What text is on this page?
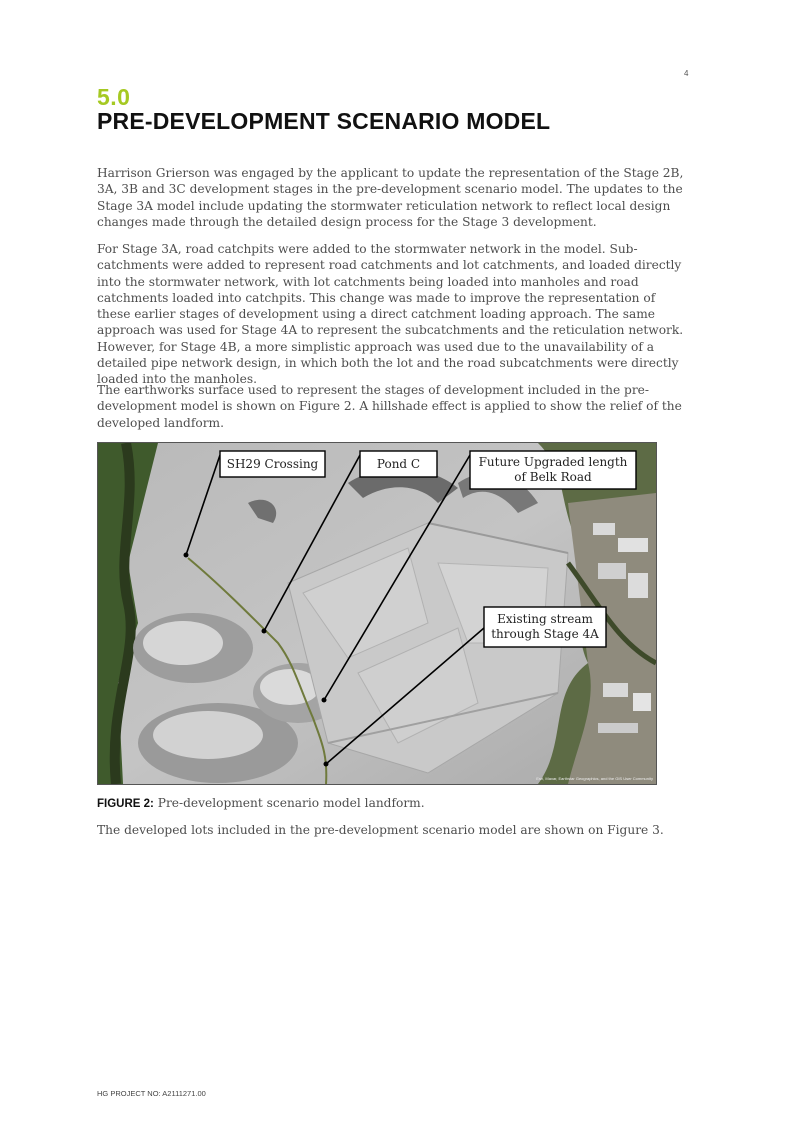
4
5.0
PRE-DEVELOPMENT SCENARIO MODEL

Harrison Grierson was engaged by the applicant to update the representation of the Stage 2B, 3A, 3B and 3C development stages in the pre-development scenario model. The updates to the Stage 3A model include updating the stormwater reticulation network to reflect local design changes made through the detailed design process for the Stage 3 development.

For Stage 3A, road catchpits were added to the stormwater network in the model. Sub-catchments were added to represent road catchments and lot catchments, and loaded directly into the stormwater network, with lot catchments being loaded into manholes and road catchments loaded into catchpits. This change was made to improve the representation of these earlier stages of development using a direct catchment loading approach. The same approach was used for Stage 4A to represent the subcatchments and the reticulation network. However, for Stage 4B, a more simplistic approach was used due to the unavailability of a detailed pipe network design, in which both the lot and the road subcatchments were directly loaded into the manholes.

The earthworks surface used to represent the stages of development included in the pre-development model is shown on Figure 2. A hillshade effect is applied to show the relief of the developed landform.

SH29 Crossing	Pond C	Future Upgraded length
of Belk Road
Existing stream
through Stage 4A
Esri, Maxar, Earthstar Geographics, and the GIS User Community

FIGURE 2: Pre-development scenario model landform.

The developed lots included in the pre-development scenario model are shown on Figure 3.

HG PROJECT NO: A2111271.00
